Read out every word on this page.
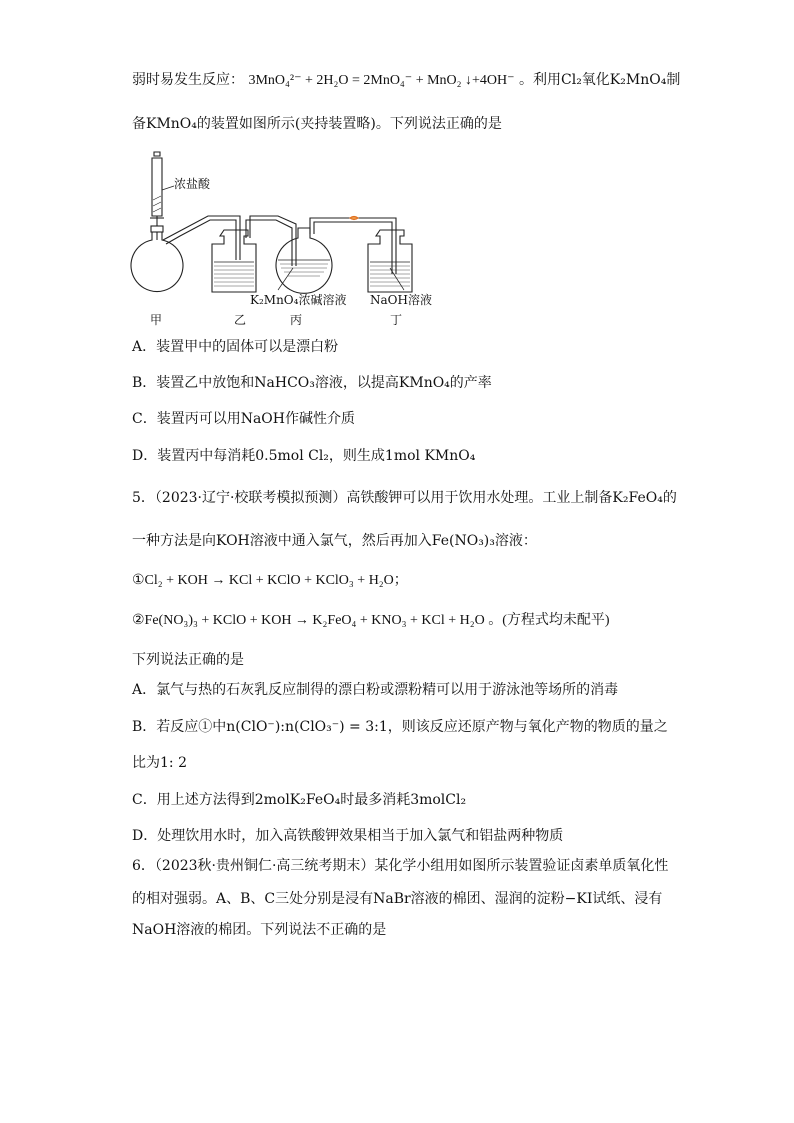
弱时易发生反应： 3MnO₄²⁻ + 2H₂O = 2MnO₄⁻ + MnO₂ ↓+4OH⁻ 。利用Cl₂氧化K₂MnO₄制
备KMnO₄的装置如图所示(夹持装置略)。下列说法正确的是
浓盐酸
K₂MnO₄浓碱溶液 NaOH溶液
甲	乙	丙	丁
A．装置甲中的固体可以是漂白粉
B．装置乙中放饱和NaHCO₃溶液，以提高KMnO₄的产率
C．装置丙可以用NaOH作碱性介质
D．装置丙中每消耗0.5mol Cl₂，则生成1mol KMnO₄
5．（2023·辽宁·校联考模拟预测）高铁酸钾可以用于饮用水处理。工业上制备K₂FeO₄的
一种方法是向KOH溶液中通入氯气，然后再加入Fe(NO₃)₃溶液：
①Cl₂ + KOH → KCl + KClO + KClO₃ + H₂O；
②Fe(NO₃)₃ + KClO + KOH → K₂FeO₄ + KNO₃ + KCl + H₂O 。(方程式均未配平)
下列说法正确的是
A．氯气与热的石灰乳反应制得的漂白粉或漂粉精可以用于游泳池等场所的消毒
B．若反应①中n(ClO⁻):n(ClO₃⁻) = 3:1，则该反应还原产物与氧化产物的物质的量之
比为1: 2
C．用上述方法得到2molK₂FeO₄时最多消耗3molCl₂
D．处理饮用水时，加入高铁酸钾效果相当于加入氯气和铝盐两种物质
6．（2023秋·贵州铜仁·高三统考期末）某化学小组用如图所示装置验证卤素单质氧化性
的相对强弱。A、B、C三处分别是浸有NaBr溶液的棉团、湿润的淀粉−KI试纸、浸有
NaOH溶液的棉团。下列说法不正确的是
